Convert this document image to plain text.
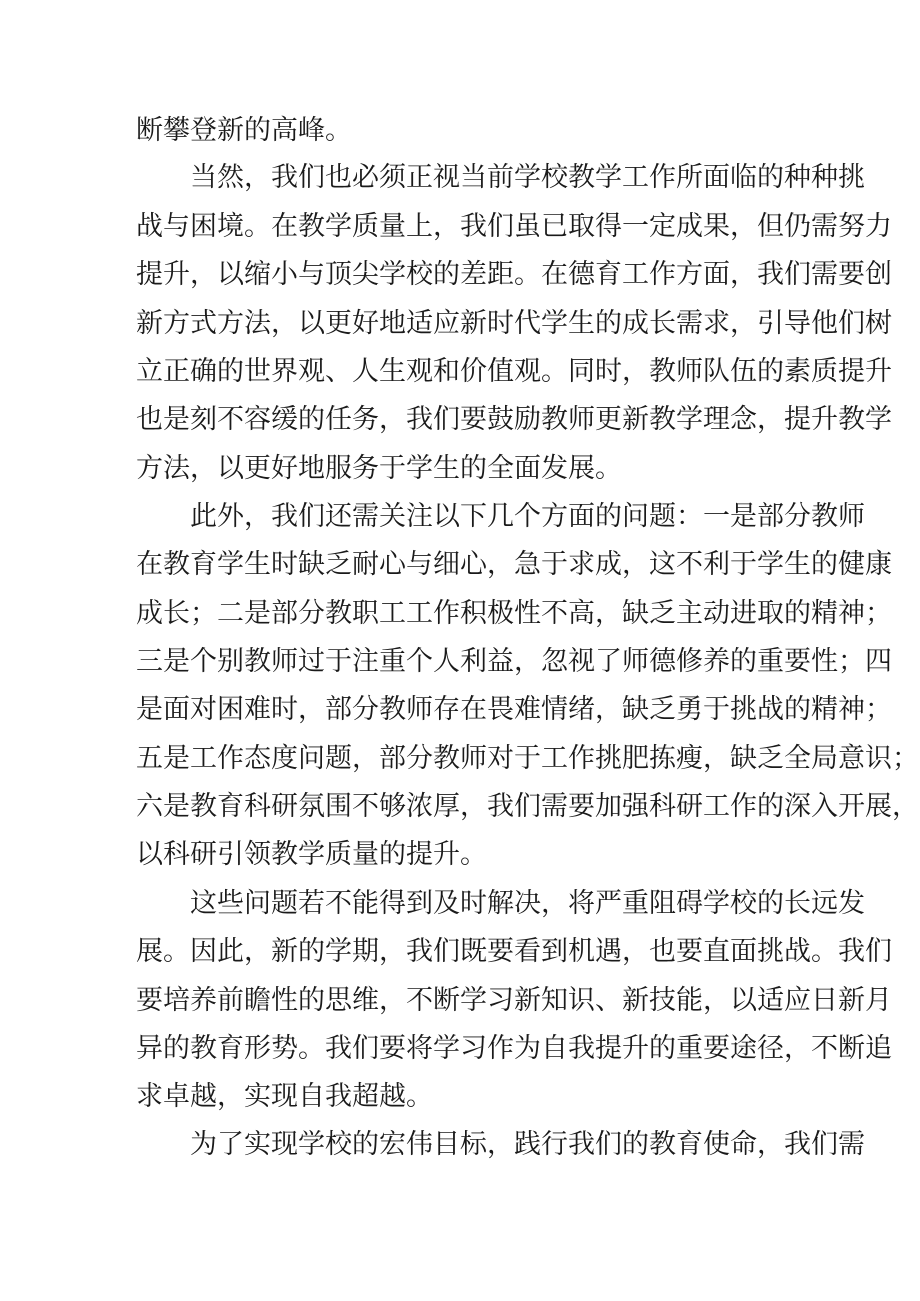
断攀登新的高峰。
当然，我们也必须正视当前学校教学工作所面临的种种挑
战与困境。在教学质量上，我们虽已取得一定成果，但仍需努力
提升，以缩小与顶尖学校的差距。在德育工作方面，我们需要创
新方式方法，以更好地适应新时代学生的成长需求，引导他们树
立正确的世界观、人生观和价值观。同时，教师队伍的素质提升
也是刻不容缓的任务，我们要鼓励教师更新教学理念，提升教学
方法，以更好地服务于学生的全面发展。
此外，我们还需关注以下几个方面的问题：一是部分教师
在教育学生时缺乏耐心与细心，急于求成，这不利于学生的健康
成长；二是部分教职工工作积极性不高，缺乏主动进取的精神；
三是个别教师过于注重个人利益，忽视了师德修养的重要性；四
是面对困难时，部分教师存在畏难情绪，缺乏勇于挑战的精神；
五是工作态度问题，部分教师对于工作挑肥拣瘦，缺乏全局意识；
六是教育科研氛围不够浓厚，我们需要加强科研工作的深入开展，
以科研引领教学质量的提升。
这些问题若不能得到及时解决，将严重阻碍学校的长远发
展。因此，新的学期，我们既要看到机遇，也要直面挑战。我们
要培养前瞻性的思维，不断学习新知识、新技能，以适应日新月
异的教育形势。我们要将学习作为自我提升的重要途径，不断追
求卓越，实现自我超越。
为了实现学校的宏伟目标，践行我们的教育使命，我们需
